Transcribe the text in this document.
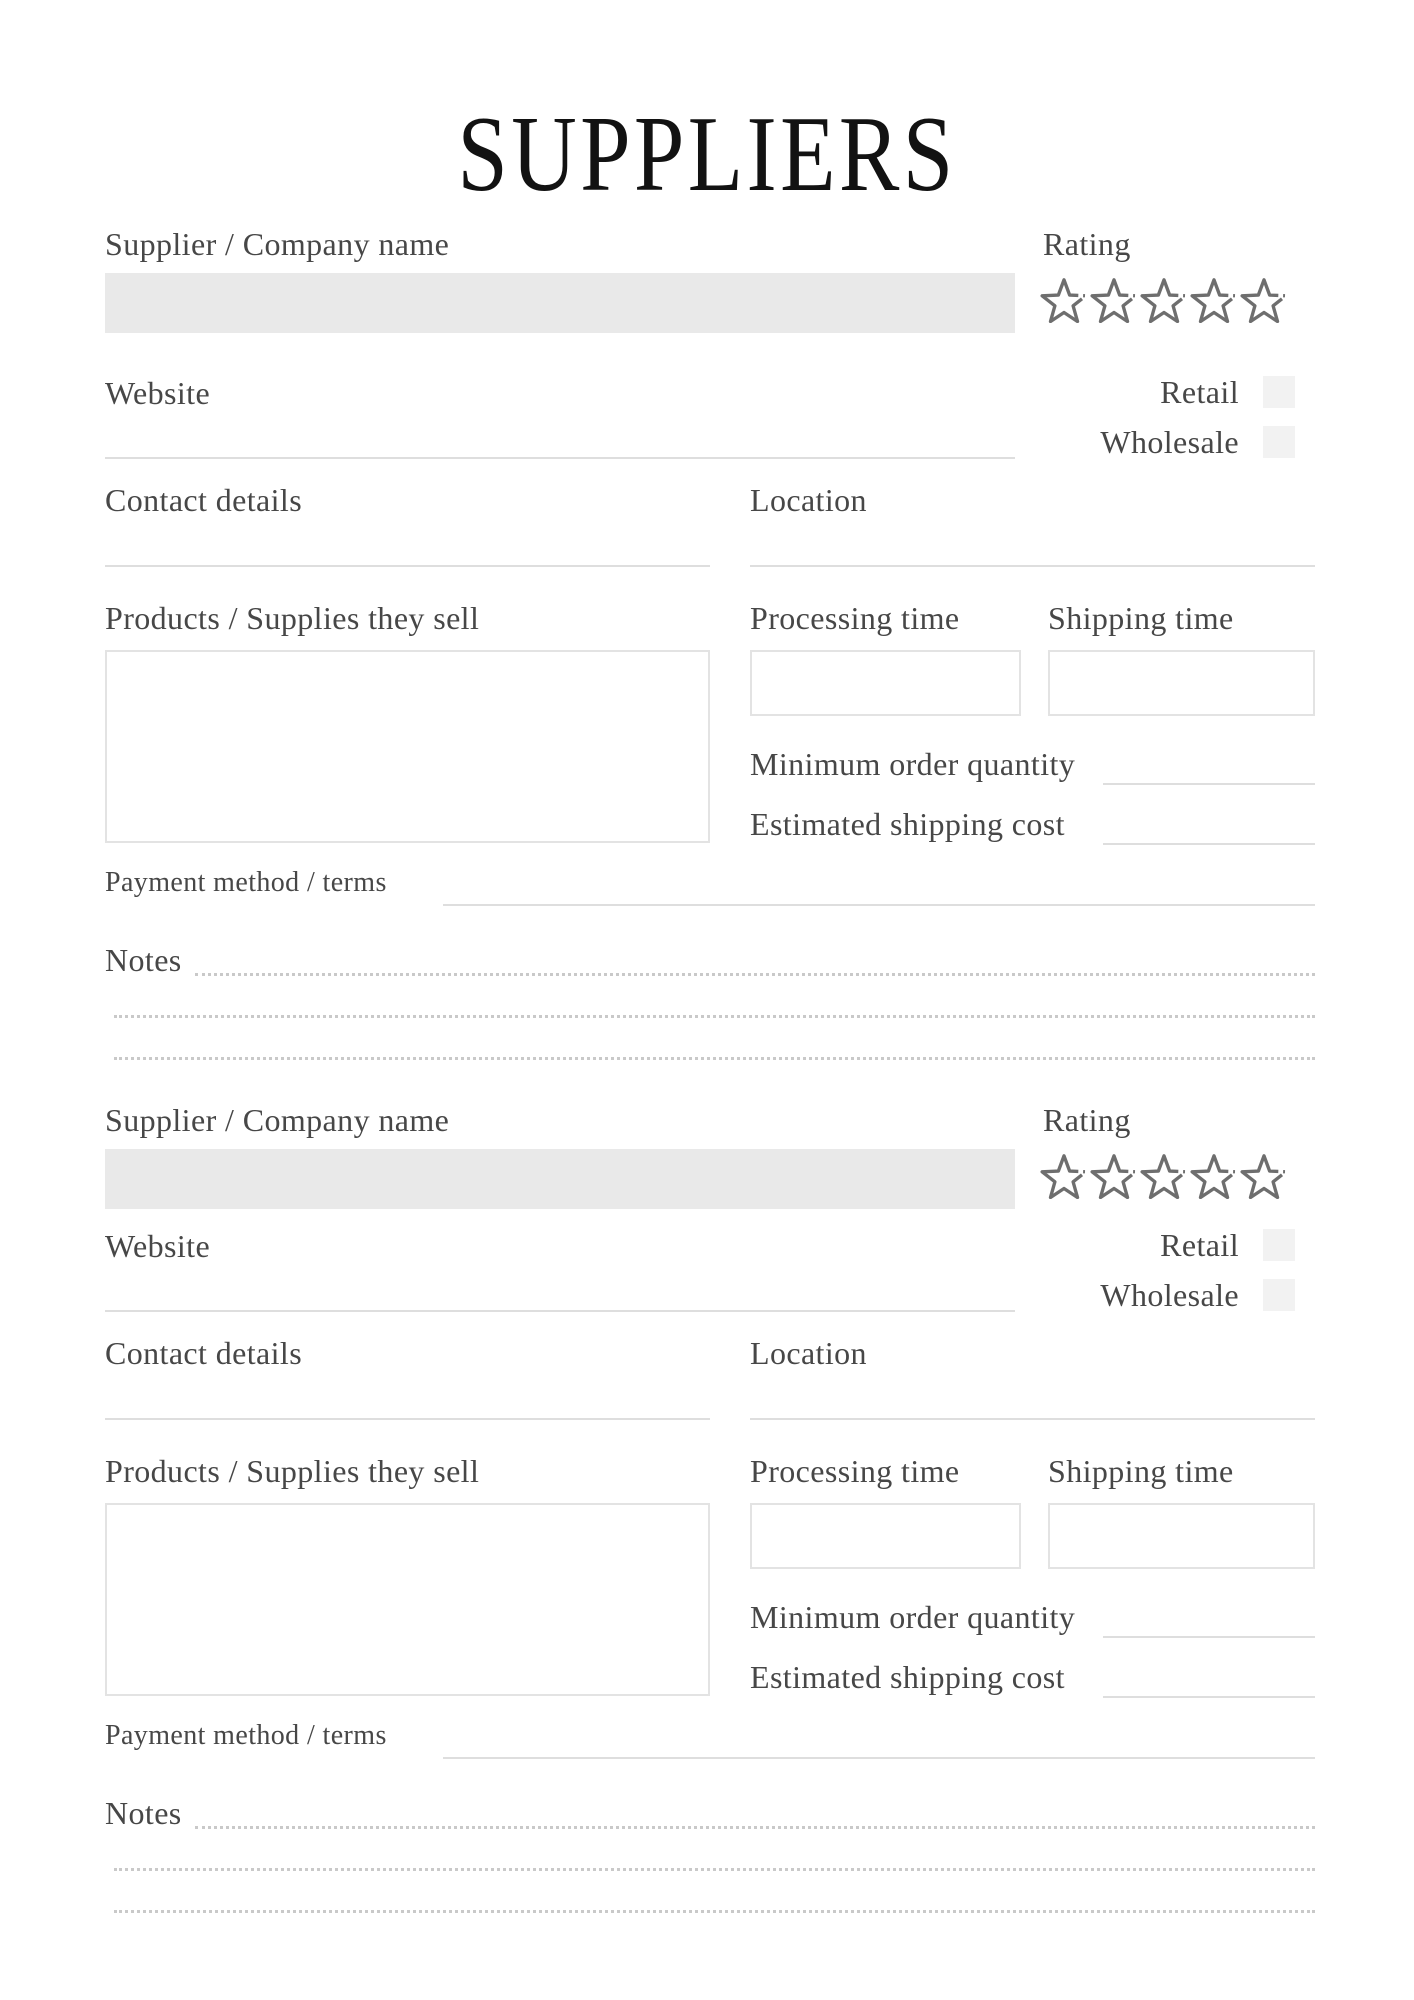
SUPPLIERS
Supplier / Company name	Rating
Website	Retail
Wholesale
Contact details	Location
Products / Supplies they sell	Processing time	Shipping time
Minimum order quantity
Estimated shipping cost
Payment method / terms
Notes
Supplier / Company name	Rating
Website	Retail
Wholesale
Contact details	Location
Products / Supplies they sell	Processing time	Shipping time
Minimum order quantity
Estimated shipping cost
Payment method / terms
Notes
